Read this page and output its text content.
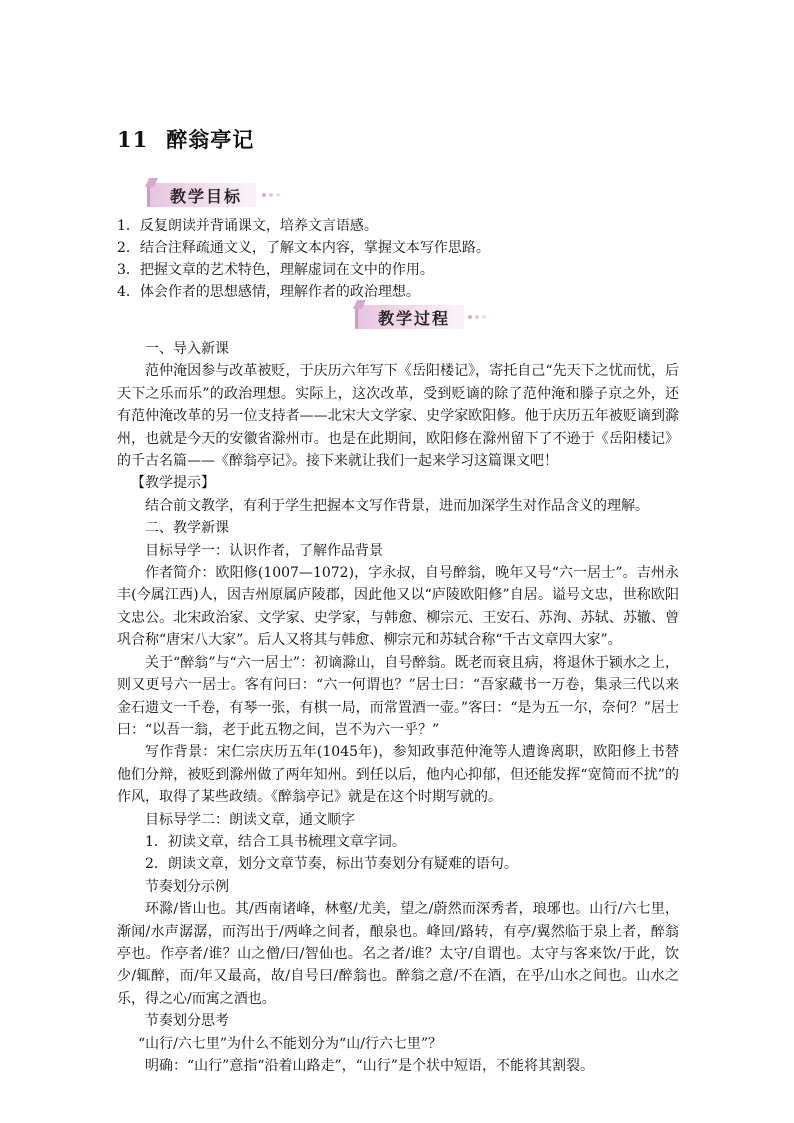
11 醉翁亭记
教学目标
1．反复朗读并背诵课文，培养文言语感。
2．结合注释疏通文义，了解文本内容，掌握文本写作思路。
3．把握文章的艺术特色，理解虚词在文中的作用。
4．体会作者的思想感情，理解作者的政治理想。
教学过程

一、导入新课

范仲淹因参与改革被贬，于庆历六年写下《岳阳楼记》，寄托自己“先天下之忧而忧，后天下之乐而乐”的政治理想。实际上，这次改革，受到贬谪的除了范仲淹和滕子京之外，还有范仲淹改革的另一位支持者——北宋大文学家、史学家欧阳修。他于庆历五年被贬谪到滁州，也就是今天的安徽省滁州市。也是在此期间，欧阳修在滁州留下了不逊于《岳阳楼记》的千古名篇——《醉翁亭记》。接下来就让我们一起来学习这篇课文吧！

【教学提示】

结合前文教学，有利于学生把握本文写作背景，进而加深学生对作品含义的理解。

二、教学新课

目标导学一：认识作者，了解作品背景

作者简介：欧阳修(1007—1072)，字永叔，自号醉翁，晚年又号“六一居士”。吉州永丰(今属江西)人，因吉州原属庐陵郡，因此他又以“庐陵欧阳修”自居。谥号文忠，世称欧阳文忠公。北宋政治家、文学家、史学家，与韩愈、柳宗元、王安石、苏洵、苏轼、苏辙、曾巩合称“唐宋八大家”。后人又将其与韩愈、柳宗元和苏轼合称“千古文章四大家”。

关于“醉翁”与“六一居士”：初谪滁山，自号醉翁。既老而衰且病，将退休于颍水之上，则又更号六一居士。客有问曰：“六一何谓也？”居士曰：“吾家藏书一万卷，集录三代以来金石遗文一千卷，有琴一张，有棋一局，而常置酒一壶。”客曰：“是为五一尔，奈何？”居士曰：“以吾一翁，老于此五物之间，岂不为六一乎？”

写作背景：宋仁宗庆历五年(1045年)，参知政事范仲淹等人遭谗离职，欧阳修上书替他们分辩，被贬到滁州做了两年知州。到任以后，他内心抑郁，但还能发挥“宽简而不扰”的作风，取得了某些政绩。《醉翁亭记》就是在这个时期写就的。

目标导学二：朗读文章，通文顺字

1．初读文章，结合工具书梳理文章字词。

2．朗读文章，划分文章节奏，标出节奏划分有疑难的语句。

节奏划分示例

环滁/皆山也。其/西南诸峰，林壑/尤美，望之/蔚然而深秀者，琅琊也。山行/六七里，渐闻/水声潺潺，而泻出于/两峰之间者，酿泉也。峰回/路转，有亭/翼然临于泉上者，醉翁亭也。作亭者/谁？山之僧/曰/智仙也。名之者/谁？太守/自谓也。太守与客来饮/于此，饮少/辄醉，而/年又最高，故/自号曰/醉翁也。醉翁之意/不在酒，在乎/山水之间也。山水之乐，得之心/而寓之酒也。

节奏划分思考

“山行/六七里”为什么不能划分为“山/行六七里”？

明确：“山行”意指“沿着山路走”，“山行”是个状中短语，不能将其割裂。
